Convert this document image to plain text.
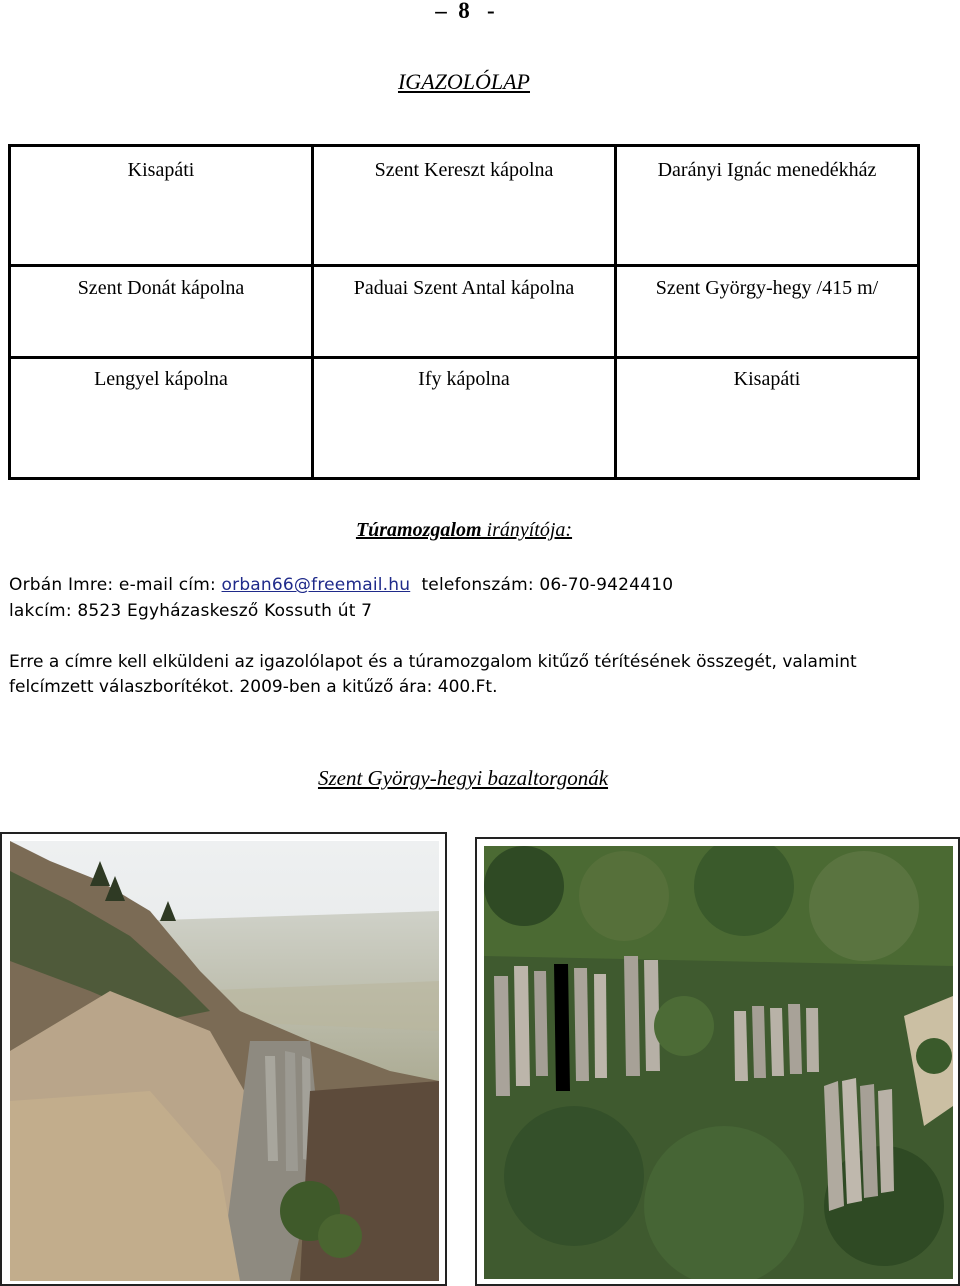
–  8   -
IGAZOLÓLAP
Kisapáti	Szent Kereszt kápolna	Darányi Ignác menedékház

Szent Donát kápolna	Paduai Szent Antal kápolna	Szent György-hegy /415 m/

Lengyel kápolna	Ify kápolna	Kisapáti
Túramozgalom irányítója:
Orbán Imre: e-mail cím: orban66@freemail.hu  telefonszám: 06-70-9424410
lakcím: 8523 Egyházaskesző Kossuth út 7
Erre a címre kell elküldeni az igazolólapot és a túramozgalom kitűző térítésének összegét, valamint felcímzett válaszborítékot. 2009-ben a kitűző ára: 400.Ft.
Szent György-hegyi bazaltorgonák
